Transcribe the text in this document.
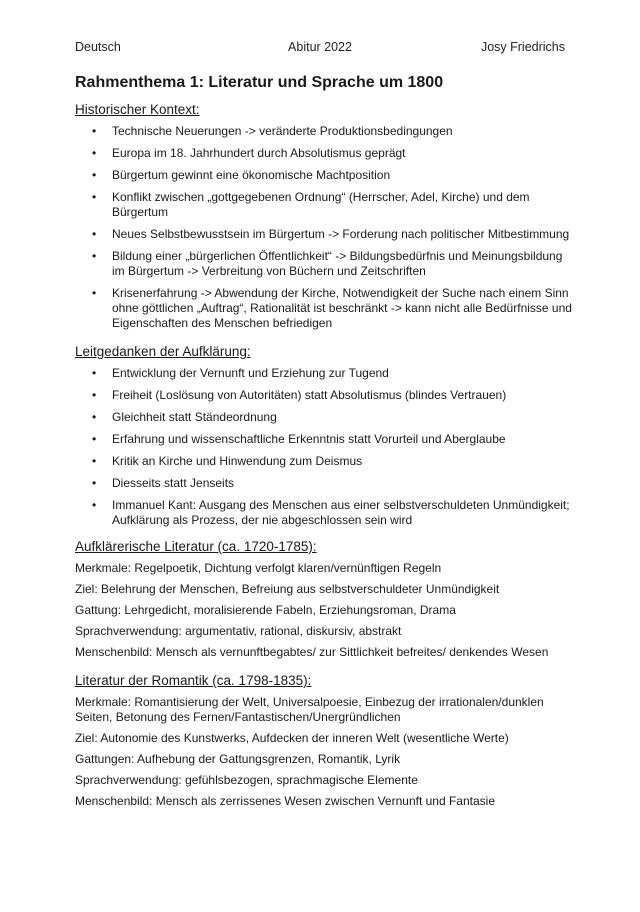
Deutsch	Abitur 2022	Josy Friedrichs
Rahmenthema 1: Literatur und Sprache um 1800
Historischer Kontext:
• Technische Neuerungen -> veränderte Produktionsbedingungen
• Europa im 18. Jahrhundert durch Absolutismus geprägt
• Bürgertum gewinnt eine ökonomische Machtposition
• Konflikt zwischen „gottgegebenen Ordnung“ (Herrscher, Adel, Kirche) und dem Bürgertum
• Neues Selbstbewusstsein im Bürgertum -> Forderung nach politischer Mitbestimmung
• Bildung einer „bürgerlichen Öffentlichkeit“ -> Bildungsbedürfnis und Meinungsbildung im Bürgertum -> Verbreitung von Büchern und Zeitschriften
• Krisenerfahrung -> Abwendung der Kirche, Notwendigkeit der Suche nach einem Sinn ohne göttlichen „Auftrag“, Rationalität ist beschränkt -> kann nicht alle Bedürfnisse und Eigenschaften des Menschen befriedigen
Leitgedanken der Aufklärung:
• Entwicklung der Vernunft und Erziehung zur Tugend
• Freiheit (Loslösung von Autoritäten) statt Absolutismus (blindes Vertrauen)
• Gleichheit statt Ständeordnung
• Erfahrung und wissenschaftliche Erkenntnis statt Vorurteil und Aberglaube
• Kritik an Kirche und Hinwendung zum Deismus
• Diesseits statt Jenseits
• Immanuel Kant: Ausgang des Menschen aus einer selbstverschuldeten Unmündigkeit; Aufklärung als Prozess, der nie abgeschlossen sein wird
Aufklärerische Literatur (ca. 1720-1785):
Merkmale: Regelpoetik, Dichtung verfolgt klaren/vernünftigen Regeln
Ziel: Belehrung der Menschen, Befreiung aus selbstverschuldeter Unmündigkeit
Gattung: Lehrgedicht, moralisierende Fabeln, Erziehungsroman, Drama
Sprachverwendung: argumentativ, rational, diskursiv, abstrakt
Menschenbild: Mensch als vernunftbegabtes/ zur Sittlichkeit befreites/ denkendes Wesen
Literatur der Romantik (ca. 1798-1835):
Merkmale: Romantisierung der Welt, Universalpoesie, Einbezug der irrationalen/dunklen Seiten, Betonung des Fernen/Fantastischen/Unergründlichen
Ziel: Autonomie des Kunstwerks, Aufdecken der inneren Welt (wesentliche Werte)
Gattungen: Aufhebung der Gattungsgrenzen, Romantik, Lyrik
Sprachverwendung: gefühlsbezogen, sprachmagische Elemente
Menschenbild: Mensch als zerrissenes Wesen zwischen Vernunft und Fantasie
